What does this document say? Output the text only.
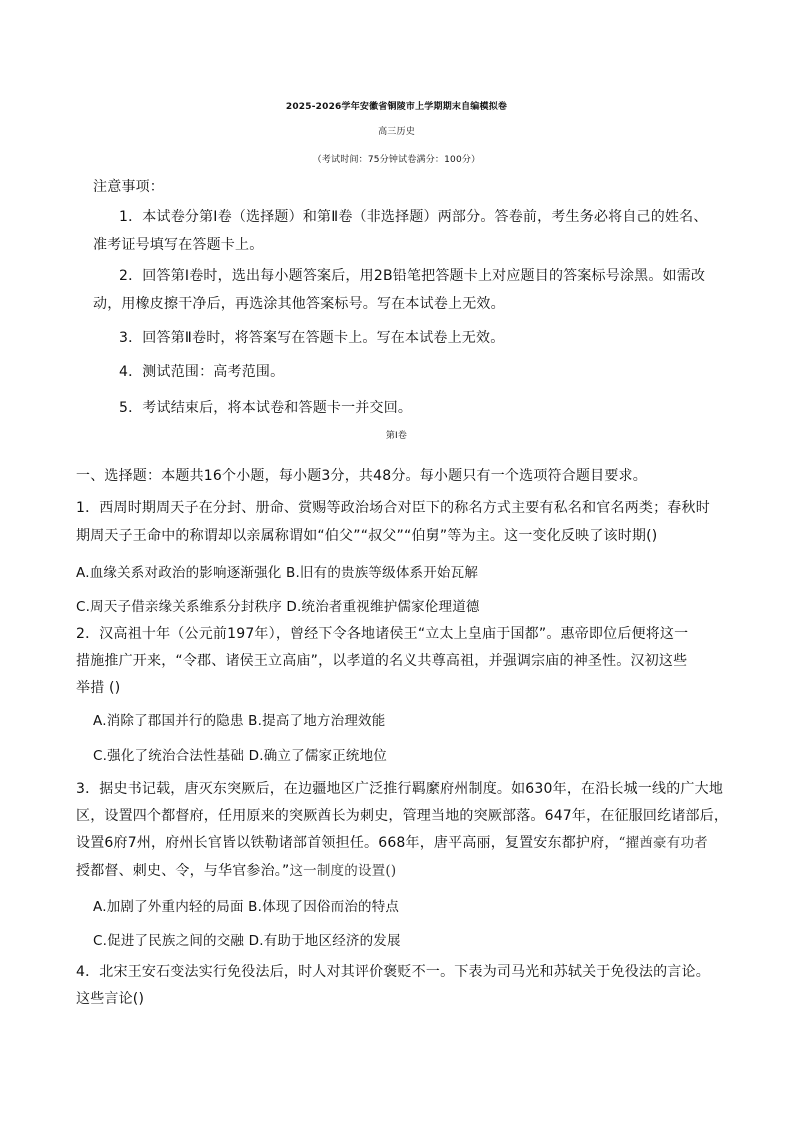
2025-2026学年安徽省铜陵市上学期期末自编模拟卷
高三历史
（考试时间：75分钟试卷满分：100分）
注意事项：
1．本试卷分第Ⅰ卷（选择题）和第Ⅱ卷（非选择题）两部分。答卷前，考生务必将自己的姓名、
准考证号填写在答题卡上。
2．回答第Ⅰ卷时，选出每小题答案后，用2B铅笔把答题卡上对应题目的答案标号涂黑。如需改
动，用橡皮擦干净后，再选涂其他答案标号。写在本试卷上无效。
3．回答第Ⅱ卷时，将答案写在答题卡上。写在本试卷上无效。
4．测试范围：高考范围。
5．考试结束后，将本试卷和答题卡一并交回。
第Ⅰ卷
一、选择题：本题共16个小题，每小题3分，共48分。每小题只有一个选项符合题目要求。
1．西周时期周天子在分封、册命、赏赐等政治场合对臣下的称名方式主要有私名和官名两类；春秋时
期周天子王命中的称谓却以亲属称谓如“伯父”“叔父”“伯舅”等为主。这一变化反映了该时期()
A.血缘关系对政治的影响逐渐强化 B.旧有的贵族等级体系开始瓦解
C.周天子借亲缘关系维系分封秩序 D.统治者重视维护儒家伦理道德
2．汉高祖十年（公元前197年），曾经下令各地诸侯王“立太上皇庙于国都”。惠帝即位后便将这一
措施推广开来，“令郡、诸侯王立高庙”，以孝道的名义共尊高祖，并强调宗庙的神圣性。汉初这些
举措 ()
A.消除了郡国并行的隐患 B.提高了地方治理效能
C.强化了统治合法性基础 D.确立了儒家正统地位
3．据史书记载，唐灭东突厥后，在边疆地区广泛推行羁縻府州制度。如630年，在沿长城一线的广大地
区，设置四个都督府，任用原来的突厥酋长为刺史，管理当地的突厥部落。647年，在征服回纥诸部后，
设置6府7州，府州长官皆以铁勒诸部首领担任。668年，唐平高丽，复置安东都护府，“擢酋豪有功者
授都督、刺史、令，与华官参治。”这一制度的设置()
A.加剧了外重内轻的局面 B.体现了因俗而治的特点
C.促进了民族之间的交融 D.有助于地区经济的发展
4．北宋王安石变法实行免役法后，时人对其评价褒贬不一。下表为司马光和苏轼关于免役法的言论。
这些言论()
